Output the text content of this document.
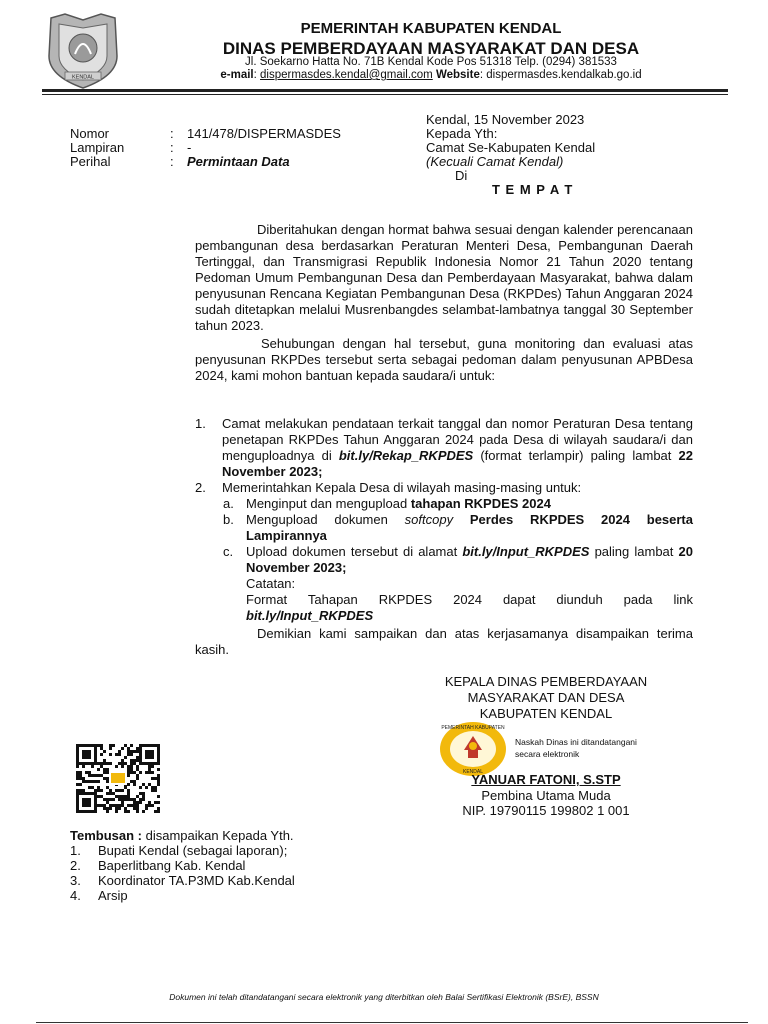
KENDAL
PEMERINTAH KABUPATEN KENDAL
DINAS PEMBERDAYAAN MASYARAKAT DAN DESA
Jl. Soekarno Hatta No. 71B Kendal Kode Pos 51318 Telp. (0294) 381533
e-mail: dispermasdes.kendal@gmail.com Website: dispermasdes.kendalkab.go.id
Nomor	: 141/478/DISPERMASDES
Lampiran	: -
Perihal	: Permintaan Data
Kendal, 15 November 2023
Kepada Yth:
Camat Se-Kabupaten Kendal
(Kecuali Camat Kendal)
Di
T E M P A T

Diberitahukan dengan hormat bahwa sesuai dengan kalender perencanaan pembangunan desa berdasarkan Peraturan Menteri Desa, Pembangunan Daerah Tertinggal, dan Transmigrasi Republik Indonesia Nomor 21 Tahun 2020 tentang Pedoman Umum Pembangunan Desa dan Pemberdayaan Masyarakat, bahwa dalam penyusunan Rencana Kegiatan Pembangunan Desa (RKPDes) Tahun Anggaran 2024 sudah ditetapkan melalui Musrenbangdes selambat-lambatnya tanggal 30 September tahun 2023.

Sehubungan dengan hal tersebut, guna monitoring dan evaluasi atas penyusunan RKPDes tersebut serta sebagai pedoman dalam penyusunan APBDesa 2024, kami mohon bantuan kepada saudara/i untuk:

1. Camat melakukan pendataan terkait tanggal dan nomor Peraturan Desa tentang penetapan RKPDes Tahun Anggaran 2024 pada Desa di wilayah saudara/i dan menguploadnya di bit.ly/Rekap_RKPDES (format terlampir) paling lambat 22 November 2023;
2. Memerintahkan Kepala Desa di wilayah masing-masing untuk:
a. Menginput dan mengupload tahapan RKPDES 2024
b. Mengupload dokumen softcopy Perdes RKPDES 2024 beserta Lampirannya
c. Upload dokumen tersebut di alamat bit.ly/Input_RKPDES paling lambat 20 November 2023;
Catatan:
Format Tahapan RKPDES 2024 dapat diunduh pada link bit.ly/Input_RKPDES

Demikian kami sampaikan dan atas kerjasamanya disampaikan terima kasih.

KEPALA DINAS PEMBERDAYAAN
MASYARAKAT DAN DESA
KABUPATEN KENDAL
PEMERINTAH KABUPATEN
KENDAL
Naskah Dinas ini ditandatangani
secara elektronik
YANUAR FATONI, S.STP
Pembina Utama Muda
NIP. 19790115 199802 1 001
Tembusan : disampaikan Kepada Yth.
1. Bupati Kendal (sebagai laporan);
2. Baperlitbang Kab. Kendal
3. Koordinator TA.P3MD Kab.Kendal
4. Arsip
Dokumen ini telah ditandatangani secara elektronik yang diterbitkan oleh Balai Sertifikasi Elektronik (BSrE), BSSN
